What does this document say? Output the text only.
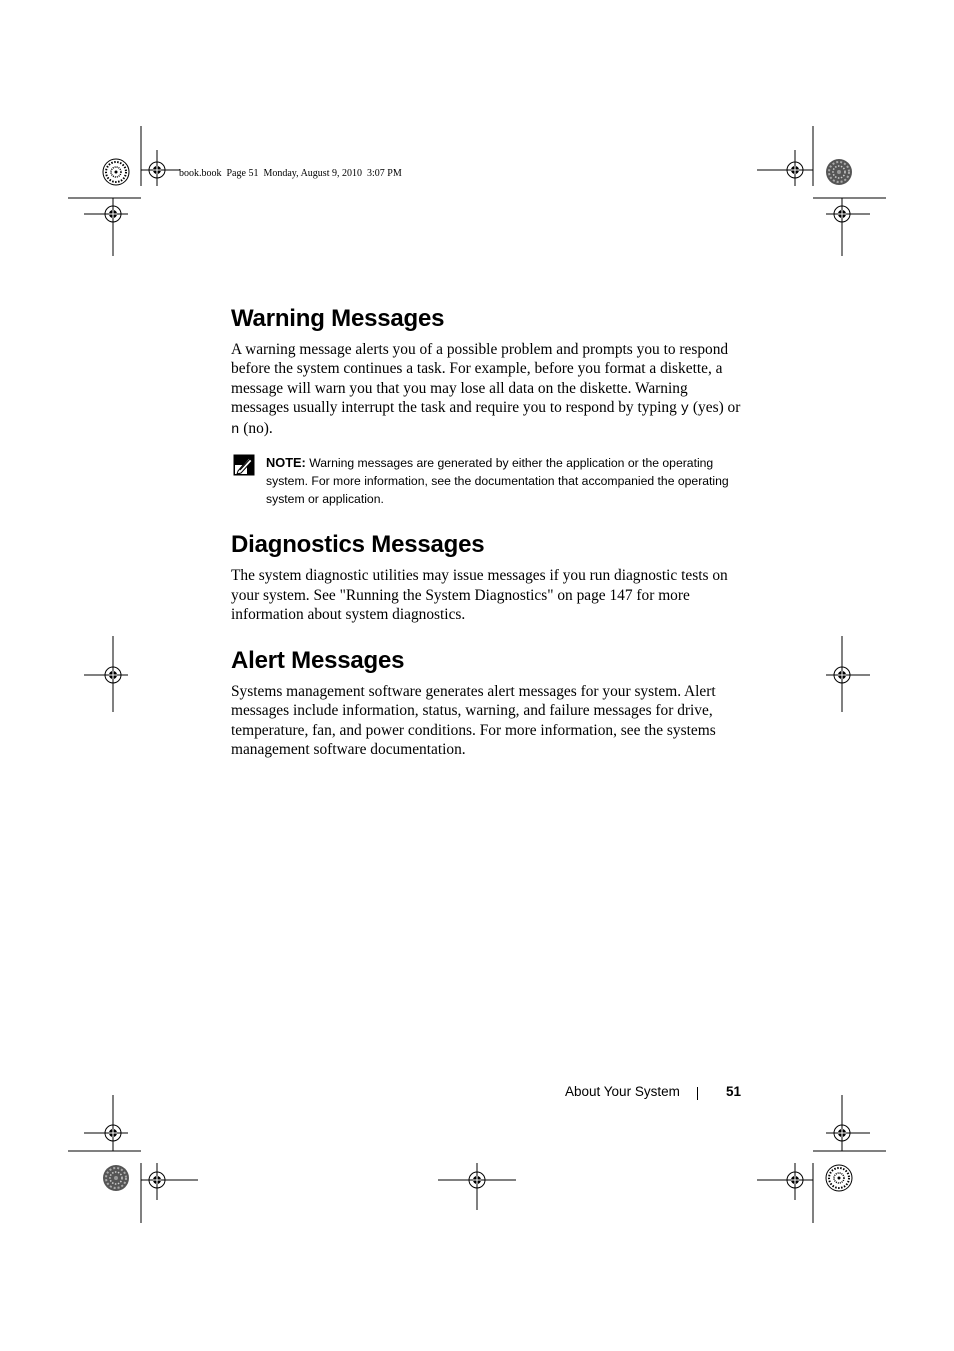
book.book Page 51 Monday, August 9, 2010 3:07 PM
Warning Messages

A warning message alerts you of a possible problem and prompts you to respond before the system continues a task. For example, before you format a diskette, a message will warn you that you may lose all data on the diskette. Warning messages usually interrupt the task and require you to respond by typing y (yes) or n (no).

NOTE: Warning messages are generated by either the application or the operating system. For more information, see the documentation that accompanied the operating system or application.
Diagnostics Messages

The system diagnostic utilities may issue messages if you run diagnostic tests on your system. See "Running the System Diagnostics" on page 147 for more information about system diagnostics.

Alert Messages

Systems management software generates alert messages for your system. Alert messages include information, status, warning, and failure messages for drive, temperature, fan, and power conditions. For more information, see the systems management software documentation.

About Your System	51
